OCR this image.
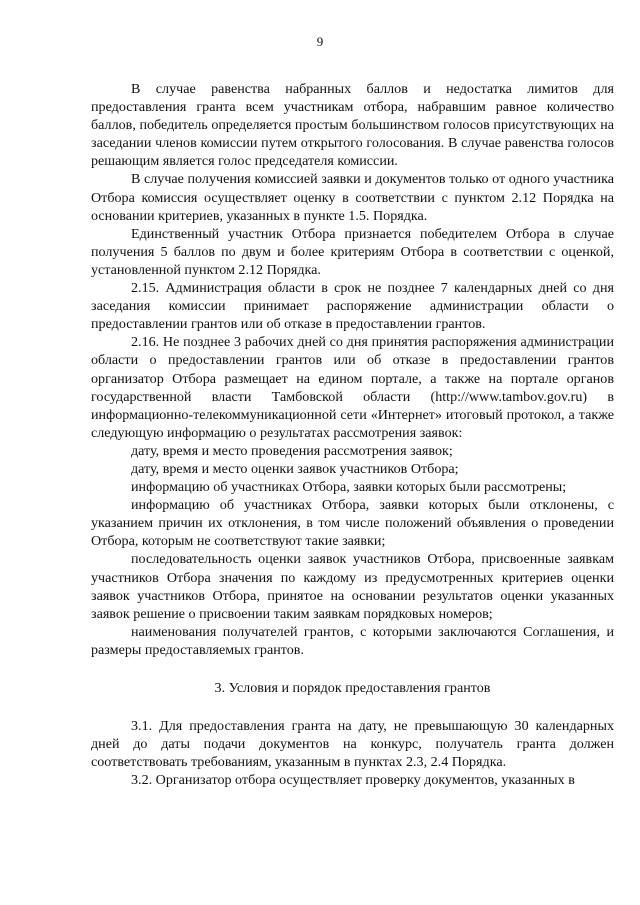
9

В случае равенства набранных баллов и недостатка лимитов для предоставления гранта всем участникам отбора, набравшим равное количество баллов, победитель определяется простым большинством голосов присутствующих на заседании членов комиссии путем открытого голосования. В случае равенства голосов решающим является голос председателя комиссии.

В случае получения комиссией заявки и документов только от одного участника Отбора комиссия осуществляет оценку в соответствии с пунктом 2.12 Порядка на основании критериев, указанных в пункте 1.5. Порядка.

Единственный участник Отбора признается победителем Отбора в случае получения 5 баллов по двум и более критериям Отбора в соответствии с оценкой, установленной пунктом 2.12 Порядка.

2.15. Администрация области в срок не позднее 7 календарных дней со дня заседания комиссии принимает распоряжение администрации области о предоставлении грантов или об отказе в предоставлении грантов.

2.16. Не позднее 3 рабочих дней со дня принятия распоряжения администрации области о предоставлении грантов или об отказе в предоставлении грантов организатор Отбора размещает на едином портале, а также на портале органов государственной власти Тамбовской области (http://www.tambov.gov.ru) в информационно-телекоммуникационной сети «Интернет» итоговый протокол, а также следующую информацию о результатах рассмотрения заявок:

дату, время и место проведения рассмотрения заявок;

дату, время и место оценки заявок участников Отбора;

информацию об участниках Отбора, заявки которых были рассмотрены;

информацию об участниках Отбора, заявки которых были отклонены, с указанием причин их отклонения, в том числе положений объявления о проведении Отбора, которым не соответствуют такие заявки;

последовательность оценки заявок участников Отбора, присвоенные заявкам участников Отбора значения по каждому из предусмотренных критериев оценки заявок участников Отбора, принятое на основании результатов оценки указанных заявок решение о присвоении таким заявкам порядковых номеров;

наименования получателей грантов, с которыми заключаются Соглашения, и размеры предоставляемых грантов.

3. Условия и порядок предоставления грантов

3.1. Для предоставления гранта на дату, не превышающую 30 календарных дней до даты подачи документов на конкурс, получатель гранта должен соответствовать требованиям, указанным в пунктах 2.3, 2.4 Порядка.

3.2. Организатор отбора осуществляет проверку документов, указанных в
